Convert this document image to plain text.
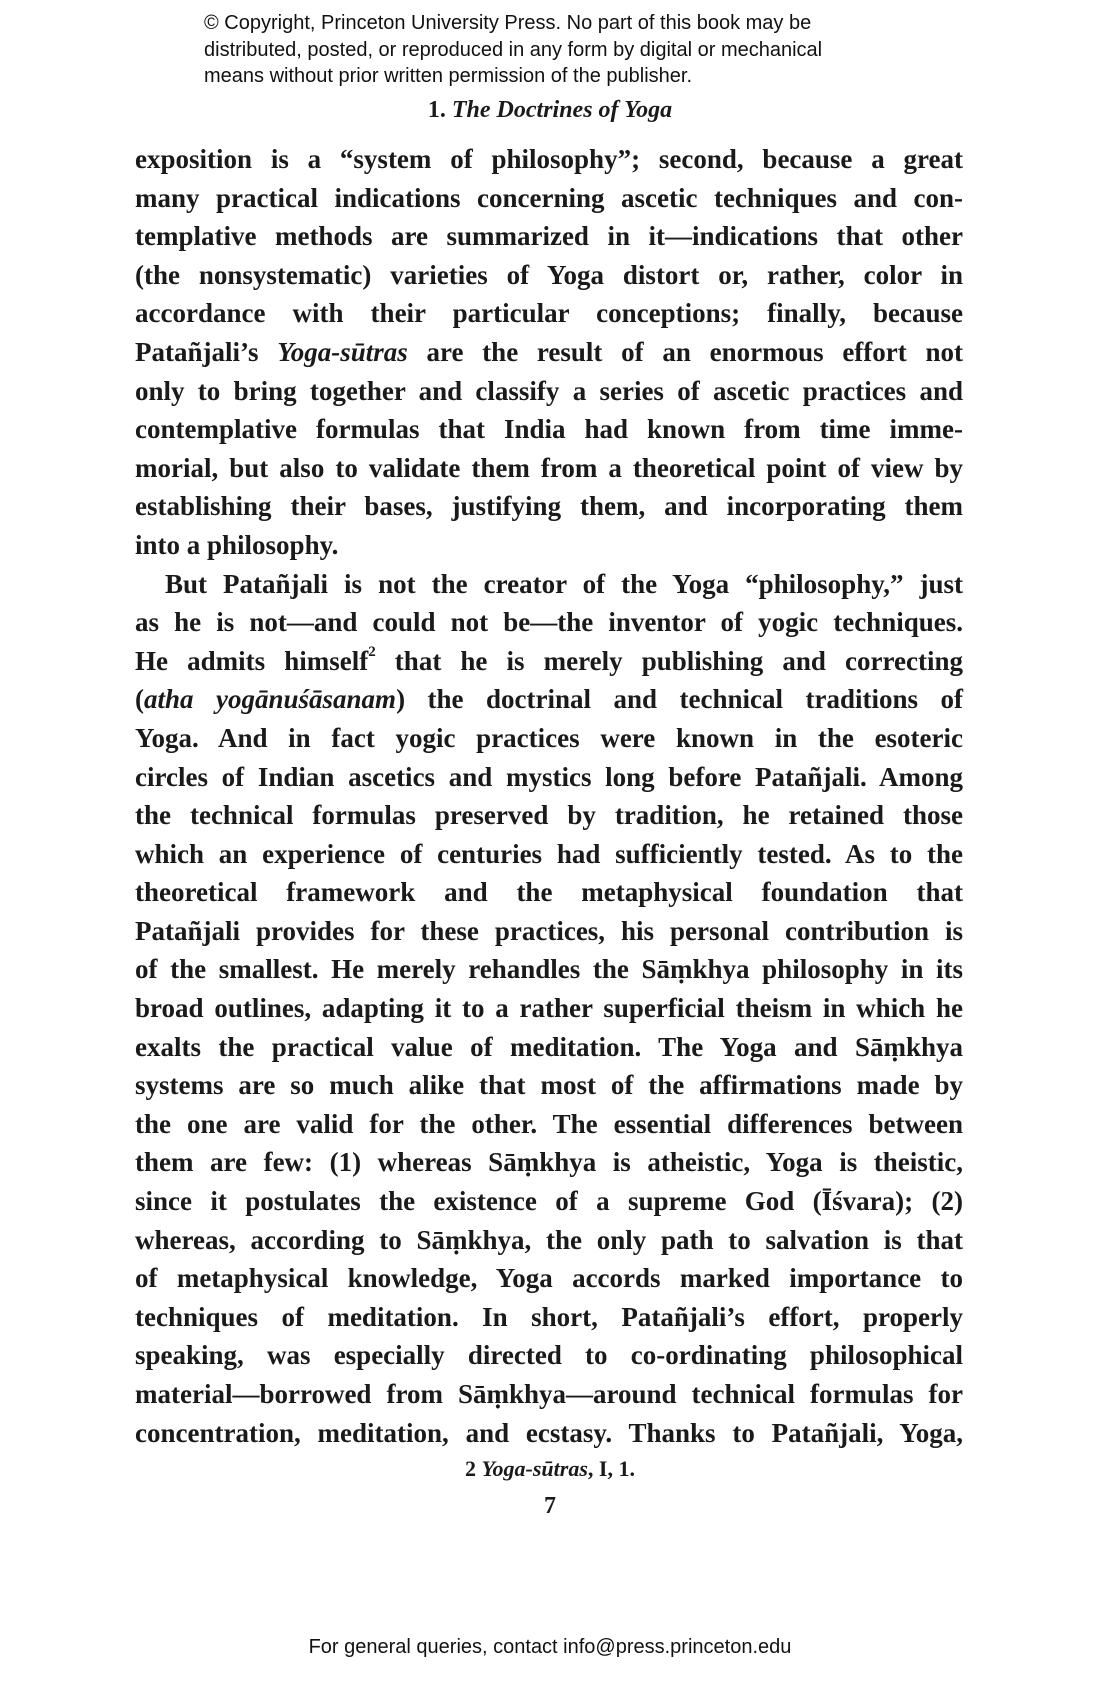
© Copyright, Princeton University Press. No part of this book may be
distributed, posted, or reproduced in any form by digital or mechanical
means without prior written permission of the publisher.
1. The Doctrines of Yoga
exposition is a “system of philosophy”; second, because a great
many practical indications concerning ascetic techniques and con-
templative methods are summarized in it—indications that other
(the nonsystematic) varieties of Yoga distort or, rather, color in
accordance with their particular conceptions; finally, because
Patañjali’s Yoga-sūtras are the result of an enormous effort not
only to bring together and classify a series of ascetic practices and
contemplative formulas that India had known from time imme-
morial, but also to validate them from a theoretical point of view by
establishing their bases, justifying them, and incorporating them
into a philosophy.
But Patañjali is not the creator of the Yoga “philosophy,” just
as he is not—and could not be—the inventor of yogic techniques.
He admits himself$^2$ that he is merely publishing and correcting
(atha yogānuśāsanam) the doctrinal and technical traditions of
Yoga. And in fact yogic practices were known in the esoteric
circles of Indian ascetics and mystics long before Patañjali. Among
the technical formulas preserved by tradition, he retained those
which an experience of centuries had sufficiently tested. As to the
theoretical framework and the metaphysical foundation that
Patañjali provides for these practices, his personal contribution is
of the smallest. He merely rehandles the Sāṃkhya philosophy in its
broad outlines, adapting it to a rather superficial theism in which he
exalts the practical value of meditation. The Yoga and Sāṃkhya
systems are so much alike that most of the affirmations made by
the one are valid for the other. The essential differences between
them are few: (1) whereas Sāṃkhya is atheistic, Yoga is theistic,
since it postulates the existence of a supreme God (Īśvara); (2)
whereas, according to Sāṃkhya, the only path to salvation is that
of metaphysical knowledge, Yoga accords marked importance to
techniques of meditation. In short, Patañjali’s effort, properly
speaking, was especially directed to co-ordinating philosophical
material—borrowed from Sāṃkhya—around technical formulas for
concentration, meditation, and ecstasy. Thanks to Patañjali, Yoga,
2 Yoga-sūtras, I, 1.
7
For general queries, contact info@press.princeton.edu
